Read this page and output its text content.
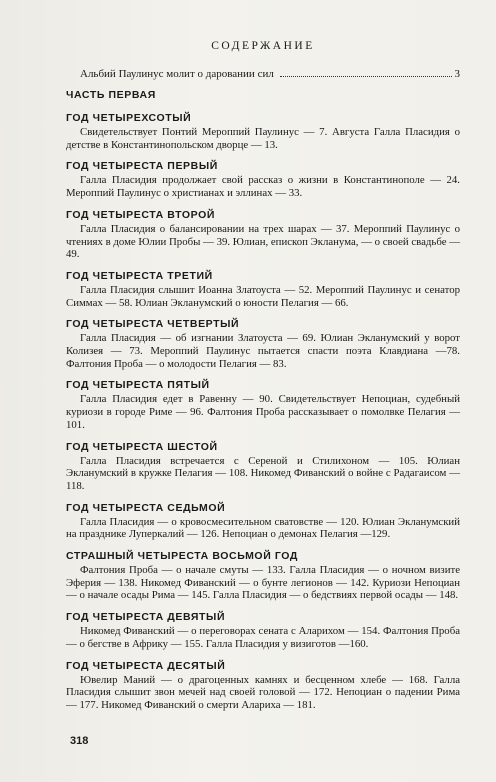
СОДЕРЖАНИЕ
Альбий Паулинус молит о даровании сил	3
ЧАСТЬ ПЕРВАЯ
ГОД ЧЕТЫРЕХСОТЫЙ

Свидетельствует Понтий Мероппий Паулинус — 7. Августа Галла Пласидия о детстве в Константинопольском дворце — 13.

ГОД ЧЕТЫРЕСТА ПЕРВЫЙ

Галла Пласидия продолжает свой рассказ о жизни в Константинополе — 24. Мероппий Паулинус о христианах и эллинах — 33.

ГОД ЧЕТЫРЕСТА ВТОРОЙ

Галла Пласидия о балансировании на трех шарах — 37. Мероппий Паулинус о чтениях в доме Юлии Пробы — 39. Юлиан, епископ Экланума, — о своей свадьбе — 49.

ГОД ЧЕТЫРЕСТА ТРЕТИЙ

Галла Пласидия слышит Иоанна Златоуста — 52. Мероппий Паулинус и сенатор Симмах — 58. Юлиан Экланумский о юности Пелагия — 66.

ГОД ЧЕТЫРЕСТА ЧЕТВЕРТЫЙ

Галла Пласидия — об изгнании Златоуста — 69. Юлиан Экланумский у ворот Колизея — 73. Мероппий Паулинус пытается спасти поэта Клавдиана —78. Фалтония Проба — о молодости Пелагия — 83.

ГОД ЧЕТЫРЕСТА ПЯТЫЙ

Галла Пласидия едет в Равенну — 90. Свидетельствует Непоциан, судебный куриози в городе Риме — 96. Фалтония Проба рассказывает о помолвке Пелагия — 101.

ГОД ЧЕТЫРЕСТА ШЕСТОЙ

Галла Пласидия встречается с Сереной и Стилихоном — 105. Юлиан Экланумский в кружке Пелагия — 108. Никомед Фиванский о войне с Радагаисом — 118.

ГОД ЧЕТЫРЕСТА СЕДЬМОЙ

Галла Пласидия — о кровосмесительном сватовстве — 120. Юлиан Экланумский на празднике Луперкалий — 126. Непоциан о демонах Пелагия —129.

СТРАШНЫЙ ЧЕТЫРЕСТА ВОСЬМОЙ ГОД

Фалтония Проба — о начале смуты — 133. Галла Пласидия — о ночном визите Эферия — 138. Никомед Фиванский — о бунте легионов — 142. Куриози Непоциан — о начале осады Рима — 145. Галла Пласидия — о бедствиях первой осады — 148.

ГОД ЧЕТЫРЕСТА ДЕВЯТЫЙ

Никомед Фиванский — о переговорах сената с Аларихом — 154. Фалтония Проба — о бегстве в Африку — 155. Галла Пласидия у визиготов —160.

ГОД ЧЕТЫРЕСТА ДЕСЯТЫЙ

Ювелир Маний — о драгоценных камнях и бесценном хлебе — 168. Галла Пласидия слышит звон мечей над своей головой — 172. Непоциан о падении Рима — 177. Никомед Фиванский о смерти Алариха — 181.

318
